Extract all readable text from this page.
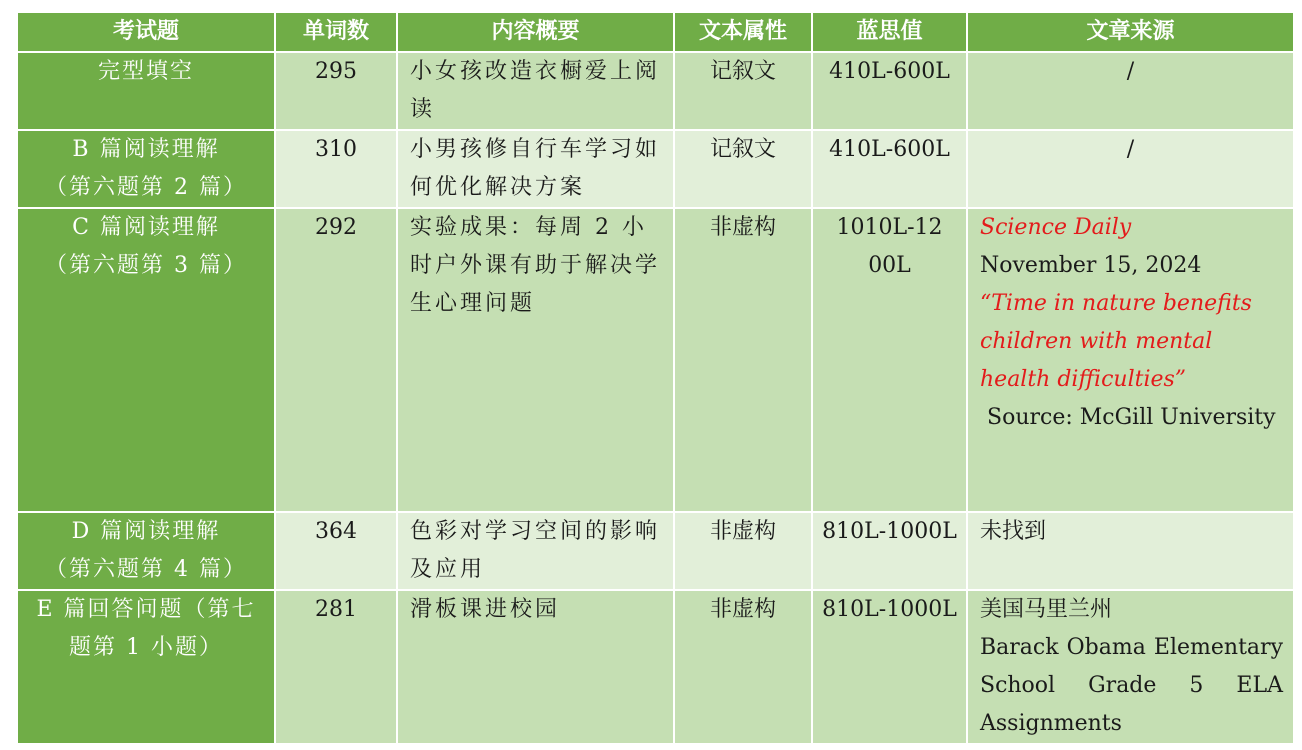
考试题	单词数	内容概要	文本属性	蓝思值	文章来源

完型填空	295	小女孩改造衣橱爱上阅读	记叙文	410L-600L	/

B 篇阅读理解
（第六题第 2 篇）	310	小男孩修自行车学习如何优化解决方案	记叙文	410L-600L	/

C 篇阅读理解
（第六题第 3 篇）	292	实验成果：每周 2 小时户外课有助于解决学生心理问题	非虚构	1010L-1200L	Science Daily
November 15, 2024
“Time in nature benefits children with mental health difficulties”
Source: McGill University

D 篇阅读理解
（第六题第 4 篇）	364	色彩对学习空间的影响及应用	非虚构	810L-1000L	未找到

E 篇回答问题（第七
题第 1 小题）	281	滑板课进校园	非虚构	810L-1000L	美国马里兰州
Barack Obama Elementary School Grade 5 ELA
Assignments
